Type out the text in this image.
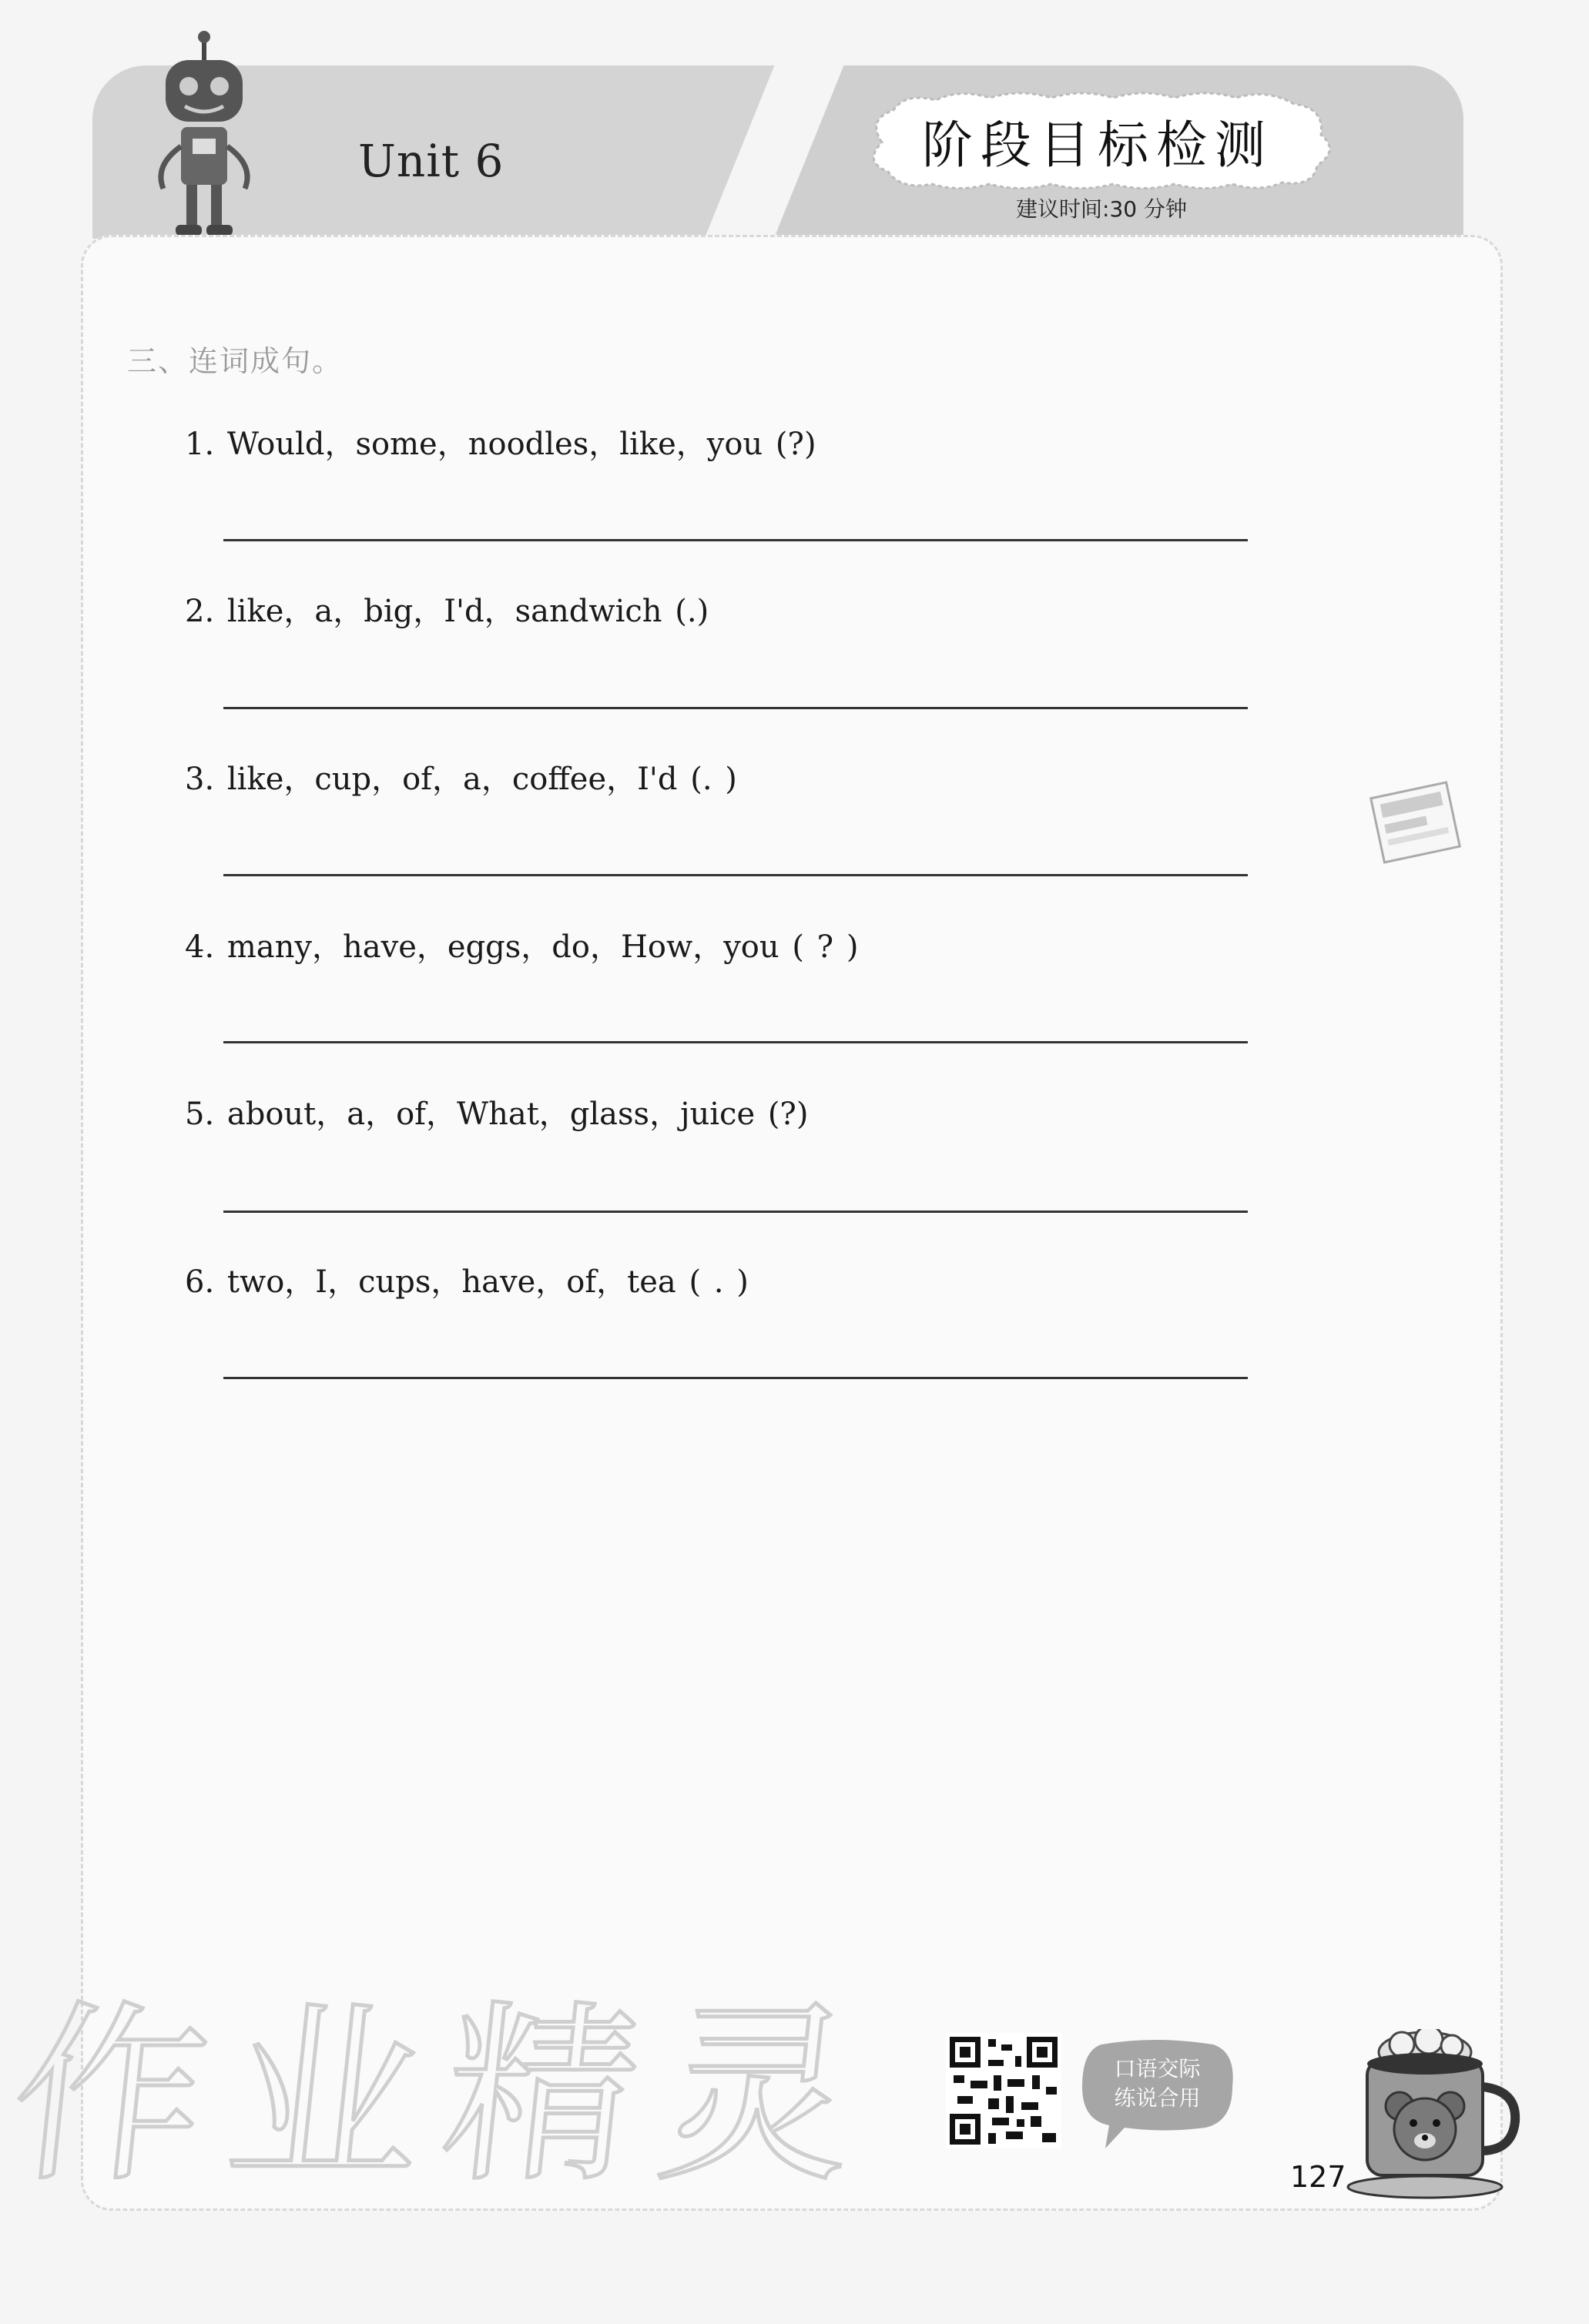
Unit 6	阶段目标检测
建议时间:30 分钟
三、连词成句。
1. Would，some，noodles，like，you (?)
2. like，a，big，I'd，sandwich (.)
3. like，cup，of，a，coffee，I'd (. )
4. many，have，eggs，do，How，you ( ? )
5. about，a，of，What，glass，juice (?)
6. two，I，cups，have，of，tea ( . )
作业精灵	口语交际
练说合用
127
